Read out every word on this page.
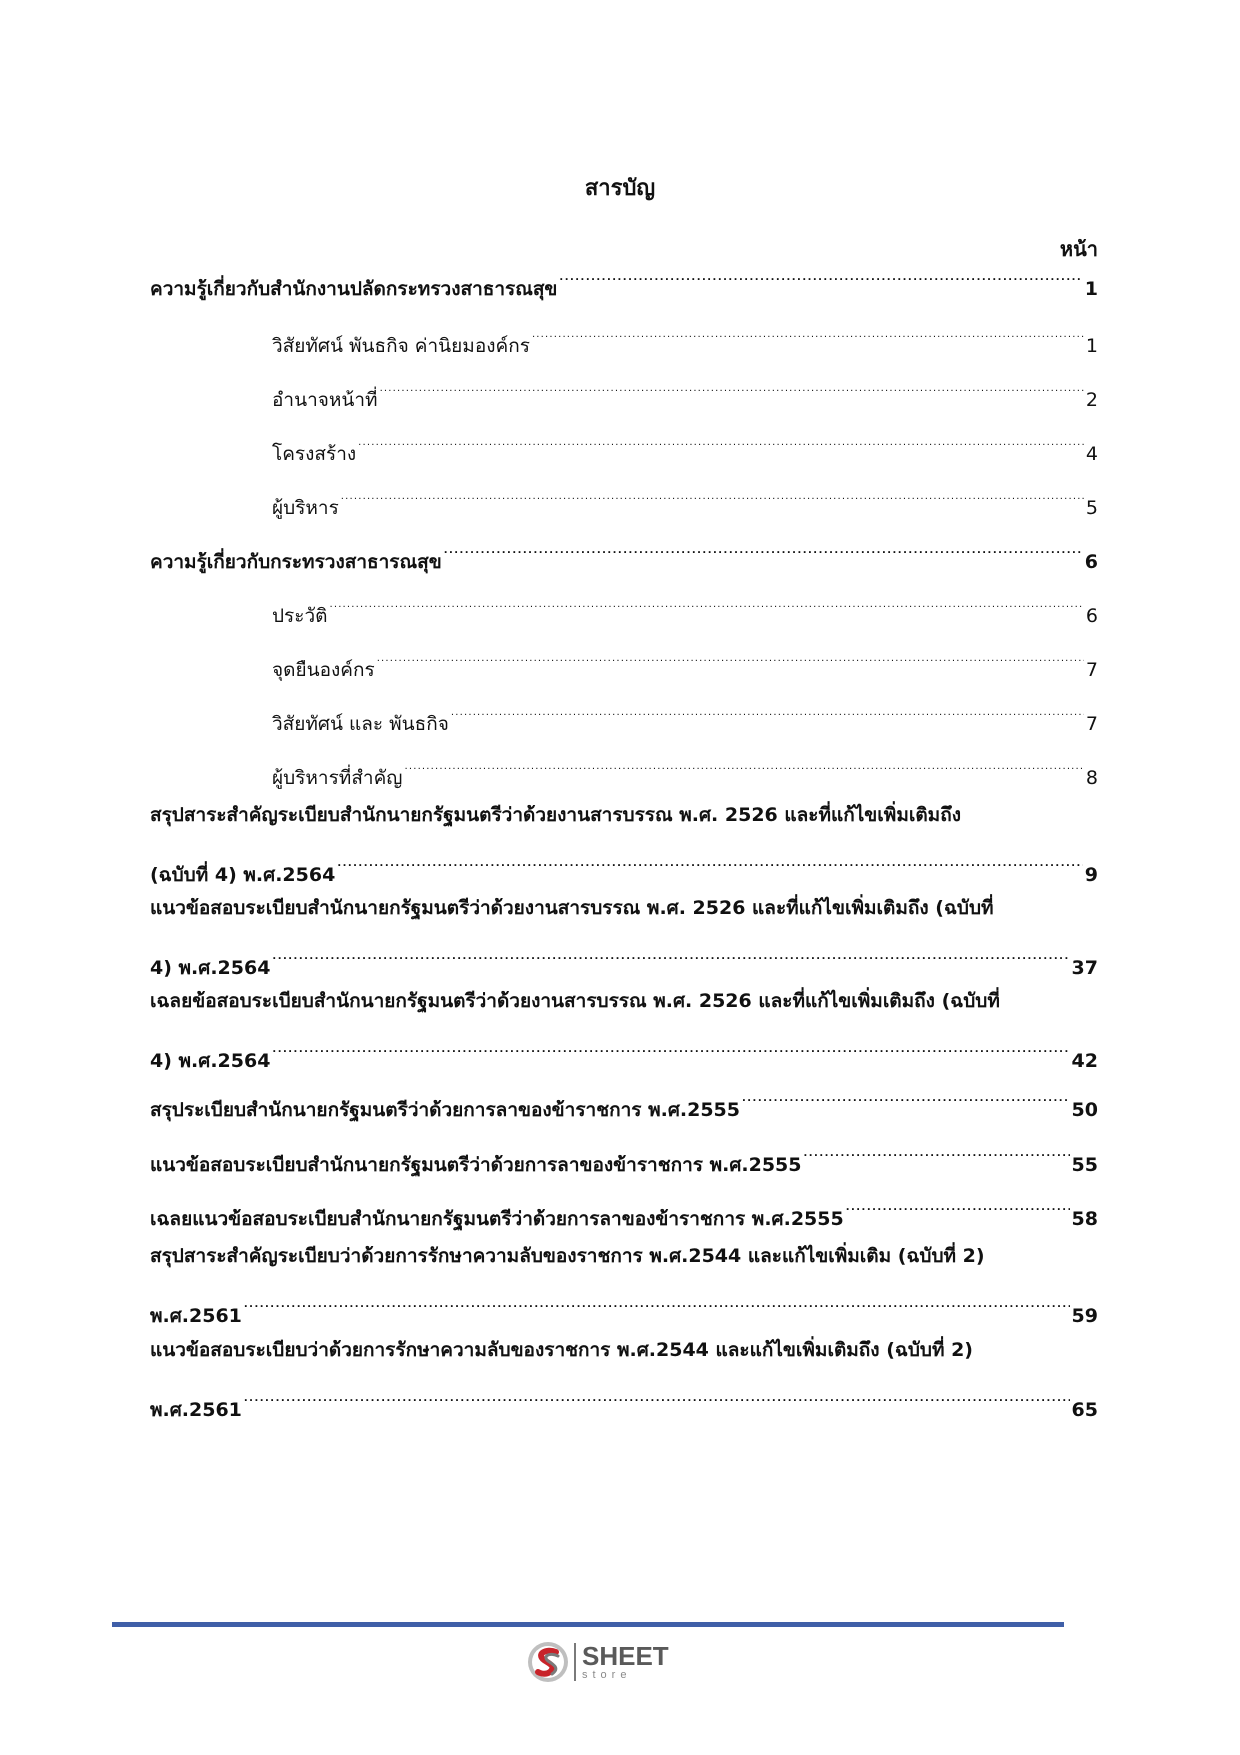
สารบัญ
หน้า
ความรู้เกี่ยวกับสำนักงานปลัดกระทรวงสาธารณสุข . . .	1
วิสัยทัศน์ พันธกิจ ค่านิยมองค์กร . . .	1
อำนาจหน้าที่ . . .	2
โครงสร้าง . . .	4
ผู้บริหาร . . .	5
ความรู้เกี่ยวกับกระทรวงสาธารณสุข . . .	6
ประวัติ . . .	6
จุดยืนองค์กร . . .	7
วิสัยทัศน์ และ พันธกิจ . . .	7
ผู้บริหารที่สำคัญ . . .	8
สรุปสาระสำคัญระเบียบสำนักนายกรัฐมนตรีว่าด้วยงานสารบรรณ พ.ศ. 2526 และที่แก้ไขเพิ่มเติมถึง
(ฉบับที่ 4) พ.ศ.2564 . . .	9
แนวข้อสอบระเบียบสำนักนายกรัฐมนตรีว่าด้วยงานสารบรรณ พ.ศ. 2526 และที่แก้ไขเพิ่มเติมถึง (ฉบับที่
4) พ.ศ.2564 . . .	37
เฉลยข้อสอบระเบียบสำนักนายกรัฐมนตรีว่าด้วยงานสารบรรณ พ.ศ. 2526 และที่แก้ไขเพิ่มเติมถึง (ฉบับที่
4) พ.ศ.2564 . . .	42
สรุประเบียบสำนักนายกรัฐมนตรีว่าด้วยการลาของข้าราชการ พ.ศ.2555 . . .	50
แนวข้อสอบระเบียบสำนักนายกรัฐมนตรีว่าด้วยการลาของข้าราชการ พ.ศ.2555 . . .	55
เฉลยแนวข้อสอบระเบียบสำนักนายกรัฐมนตรีว่าด้วยการลาของข้าราชการ พ.ศ.2555 . . .	58
สรุปสาระสำคัญระเบียบว่าด้วยการรักษาความลับของราชการ พ.ศ.2544 และแก้ไขเพิ่มเติม (ฉบับที่ 2)
พ.ศ.2561 . . .	59
แนวข้อสอบระเบียบว่าด้วยการรักษาความลับของราชการ พ.ศ.2544 และแก้ไขเพิ่มเติมถึง (ฉบับที่ 2)
พ.ศ.2561 . . .	65
SHEET
store
